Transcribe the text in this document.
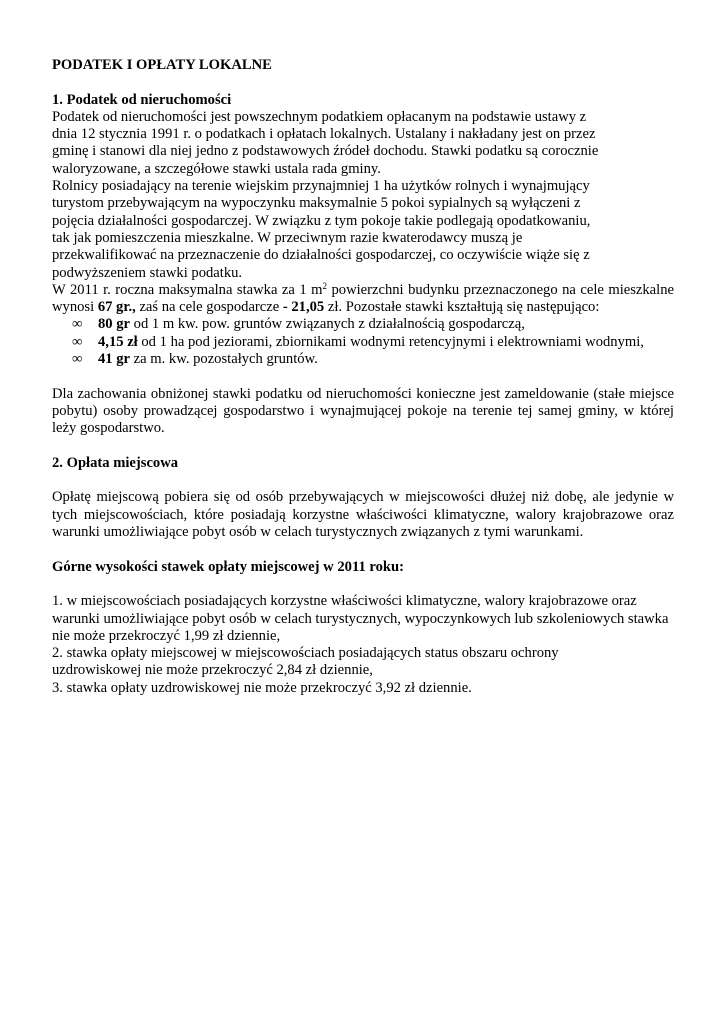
PODATEK I OPŁATY LOKALNE

1. Podatek od nieruchomości

Podatek od nieruchomości jest powszechnym podatkiem opłacanym na podstawie ustawy z
dnia 12 stycznia 1991 r. o podatkach i opłatach lokalnych. Ustalany i nakładany jest on przez
gminę i stanowi dla niej jedno z podstawowych źródeł dochodu. Stawki podatku są corocznie
waloryzowane, a szczegółowe stawki ustala rada gminy.
Rolnicy posiadający na terenie wiejskim przynajmniej 1 ha użytków rolnych i wynajmujący
turystom przebywającym na wypoczynku maksymalnie 5 pokoi sypialnych są wyłączeni z
pojęcia działalności gospodarczej. W związku z tym pokoje takie podlegają opodatkowaniu,
tak jak pomieszczenia mieszkalne. W przeciwnym razie kwaterodawcy muszą je
przekwalifikować na przeznaczenie do działalności gospodarczej, co oczywiście wiąże się z
podwyższeniem stawki podatku.

W 2011 r. roczna maksymalna stawka za 1 $m^2$ powierzchni budynku przeznaczonego na cele mieszkalne wynosi 67 gr., zaś na cele gospodarcze - 21,05 zł. Pozostałe stawki kształtują się następująco:

∞ 80 gr od 1 m kw. pow. gruntów związanych z działalnością gospodarczą,
∞ 4,15 zł od 1 ha pod jeziorami, zbiornikami wodnymi retencyjnymi i elektrowniami wodnymi,
∞ 41 gr za m. kw. pozostałych gruntów.

Dla zachowania obniżonej stawki podatku od nieruchomości konieczne jest zameldowanie (stałe miejsce pobytu) osoby prowadzącej gospodarstwo i wynajmującej pokoje na terenie tej samej gminy, w której leży gospodarstwo.

2. Opłata miejscowa

Opłatę miejscową pobiera się od osób przebywających w miejscowości dłużej niż dobę, ale jedynie w tych miejscowościach, które posiadają korzystne właściwości klimatyczne, walory krajobrazowe oraz warunki umożliwiające pobyt osób w celach turystycznych związanych z tymi warunkami.

Górne wysokości stawek opłaty miejscowej w 2011 roku:

1. w miejscowościach posiadających korzystne właściwości klimatyczne, walory krajobrazowe oraz
warunki umożliwiające pobyt osób w celach turystycznych, wypoczynkowych lub szkoleniowych stawka
nie może przekroczyć 1,99 zł dziennie,
2. stawka opłaty miejscowej w miejscowościach posiadających status obszaru ochrony
uzdrowiskowej nie może przekroczyć 2,84 zł dziennie,
3. stawka opłaty uzdrowiskowej nie może przekroczyć 3,92 zł dziennie.
